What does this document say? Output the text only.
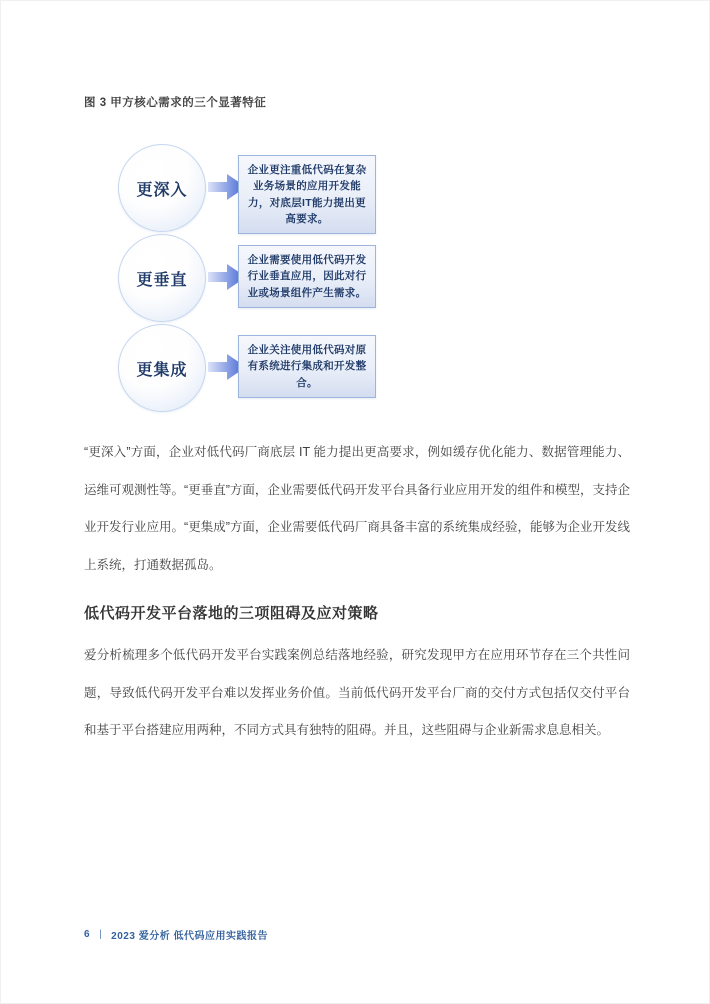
图 3 甲方核心需求的三个显著特征
更深入
企业更注重低代码在复杂业务场景的应用开发能力，对底层IT能力提出更高要求。
更垂直
企业需要使用低代码开发行业垂直应用，因此对行业或场景组件产生需求。
更集成
企业关注使用低代码对原有系统进行集成和开发整合。
“更深入”方面，企业对低代码厂商底层 IT 能力提出更高要求，例如缓存优化能力、数据管理能力、运维可观测性等。“更垂直”方面，企业需要低代码开发平台具备行业应用开发的组件和模型，支持企业开发行业应用。“更集成”方面，企业需要低代码厂商具备丰富的系统集成经验，能够为企业开发线上系统，打通数据孤岛。
低代码开发平台落地的三项阻碍及应对策略
爱分析梳理多个低代码开发平台实践案例总结落地经验，研究发现甲方在应用环节存在三个共性问题，导致低代码开发平台难以发挥业务价值。当前低代码开发平台厂商的交付方式包括仅交付平台和基于平台搭建应用两种，不同方式具有独特的阻碍。并且，这些阻碍与企业新需求息息相关。
6 | 2023 爱分析 低代码应用实践报告
